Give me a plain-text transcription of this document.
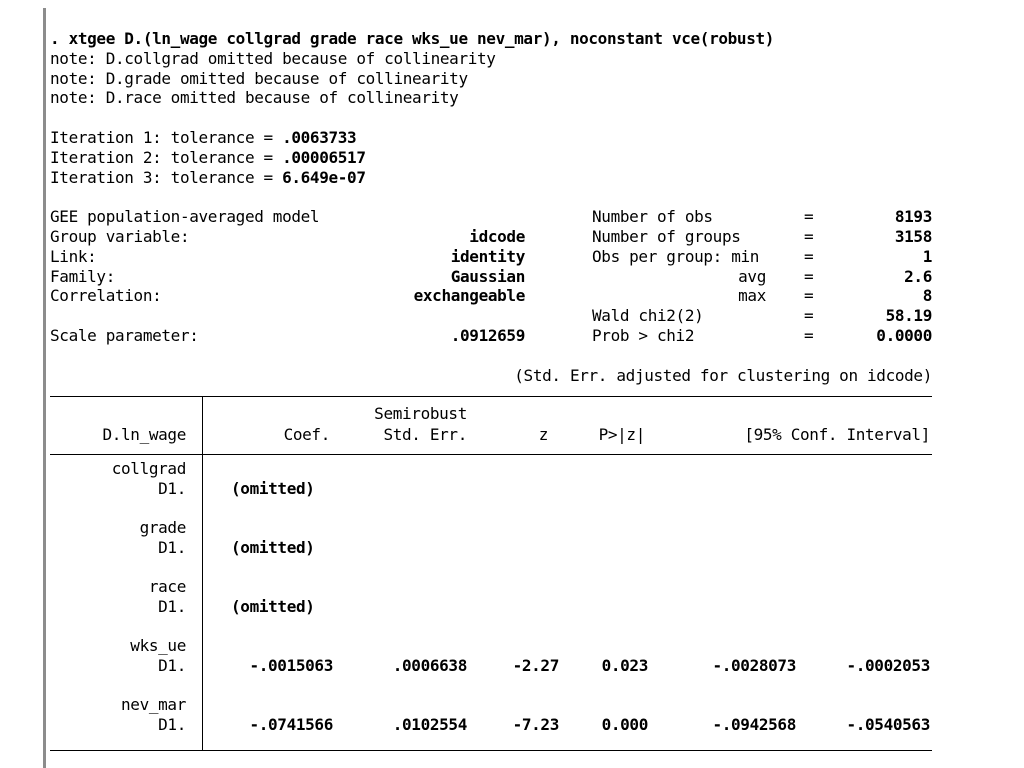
. xtgee D.(ln_wage collgrad grade race wks_ue nev_mar), noconstant vce(robust)
note: D.collgrad omitted because of collinearity
note: D.grade omitted because of collinearity
note: D.race omitted because of collinearity
Iteration 1: tolerance = .0063733
Iteration 2: tolerance = .00006517
Iteration 3: tolerance = 6.649e-07
GEE population-averaged model	Number of obs	=	8193
Group variable:	idcode	Number of groups	=	3158
Link:	identity	Obs per group: min	=	1
Family:	Gaussian	avg =	2.6
Correlation:	exchangeable	max =	8
Wald chi2(2)	=	58.19
Scale parameter:	.0912659	Prob > chi2	=	0.0000

(Std. Err. adjusted for clustering on idcode)

Semirobust
D.ln_wage	Coef.	Std. Err.	z	P>|z|	[95% Conf. Interval]
collgrad
D1.	(omitted)
grade
D1.	(omitted)
race
D1.	(omitted)
wks_ue
D1.	-.0015063	.0006638	-2.27	0.023	-.0028073	-.0002053
nev_mar
D1.	-.0741566	.0102554	-7.23	0.000	-.0942568	-.0540563
